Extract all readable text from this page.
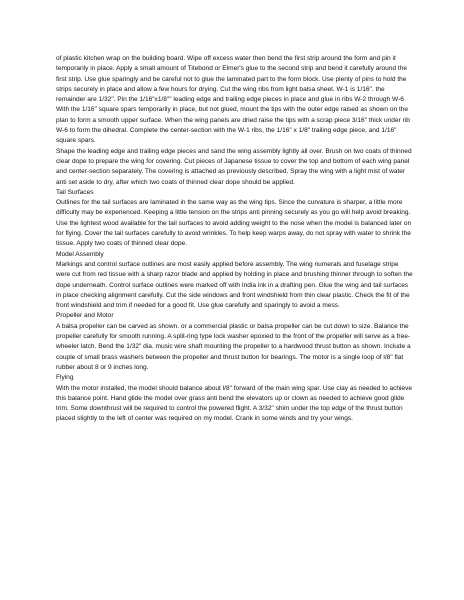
of plastic kitchen wrap on the building board. Wipe off excess water then bend the first strip around the form and pin it temporarily in place. Apply a small amount of Titebond or Elmer's glue to the second strip and bend it carefully around the first strip. Use glue sparingly and be careful not to glue the laminated part to the form block. Use plenty of pins to hold the strips securely in place and allow a few hours for drying. Cut the wing ribs from light balsa sheet. W-1 is 1/16". the remainder are 1/32". Pin the 1/16"x1/8"" leading edge and trailing edge pieces in place and glue in ribs W-2 through W-6 With the 1/16" square spars temporarily in place, but not glued, mount the tips with the outer edge raised as shown on the plan to form a smooth upper surface. When the wing panels are dried raise the tips with a scrap piece 3/16" thick under rib W-6 to form the dihedral. Complete the center-section with the W-1 ribs, the 1/16" x 1/8" trailing edge piece, and 1/16" square spars.

Shape the leading edge and trailing edge pieces and sand the wing assembly lightly all over. Brush on two coats of thinned clear dope to prepare the wing for covering. Cut pieces of Japanese tissue to cover the top and bottom of each wing panel and center-section separately. The covering is attached as previously described. Spray the wing with a light mist of water anti set aside to dry, after which two coats of thinned clear dope should be applied.

Tail Surfaces

Outlines for the tail surfaces are laminated in the same way as the wing tips. Since the curvature is sharper, a little more difficulty may be experienced. Keeping a little tension on the strips anti pinning securely as you go will help avoid breaking. Use the lightest wood available for the tail surfaces to avoid adding weight to the nose when the model is balanced later on for flying. Cover the tail surfaces carefully to avoid wrinkles. To help keep warps away, do not spray with water to shrink the tissue. Apply two coats of thinned clear dope.

Model Assembly

Markings and control surface outlines are most easily applied before assembly. The wing numerals and fuselage stripe were cut from red tissue with a sharp razor blade and applied by holding in place and brushing thinner through to soften the dope underneath. Control surface outlines were marked off with India ink in a drafting pen. Glue the wing and tail surfaces in place checking alignment carefully. Cut the side windows and front windshield from thin clear plastic. Check the fit of the front windshield and trim if needed for a good fit. Use glue carefully and sparingly to avoid a mess.

Propeller and Motor

A balsa propeller can be carved as shown. or a commercial plastic or balsa propeller can be cut down to size. Balance the propeller carefully for smooth running. A split-ring type lock washer epoxied to the front of the propeller will serve as a free-wheeler latch. Bend the 1/32" dia. music wire shaft mounting the propeller to a hardwood thrust button as shown. Include a couple of small brass washers between the propeller and thrust button for bearings. The motor is a single loop of l/8" flat rubber about 8 or 9 inches long.

Flying

With the motor installed, the model should balance about l/8" forward of the main wing spar. Use clay as needed to achieve this balance point. Hand glide the model over grass anti bend the elevators up or clown as needed to achieve good glide trim. Some downthrust will be required to control the powered flight. A 3/32" shim under the top edge of the thrust button placed slightly to the left of center was required on my model. Crank in some winds and try your wings.
